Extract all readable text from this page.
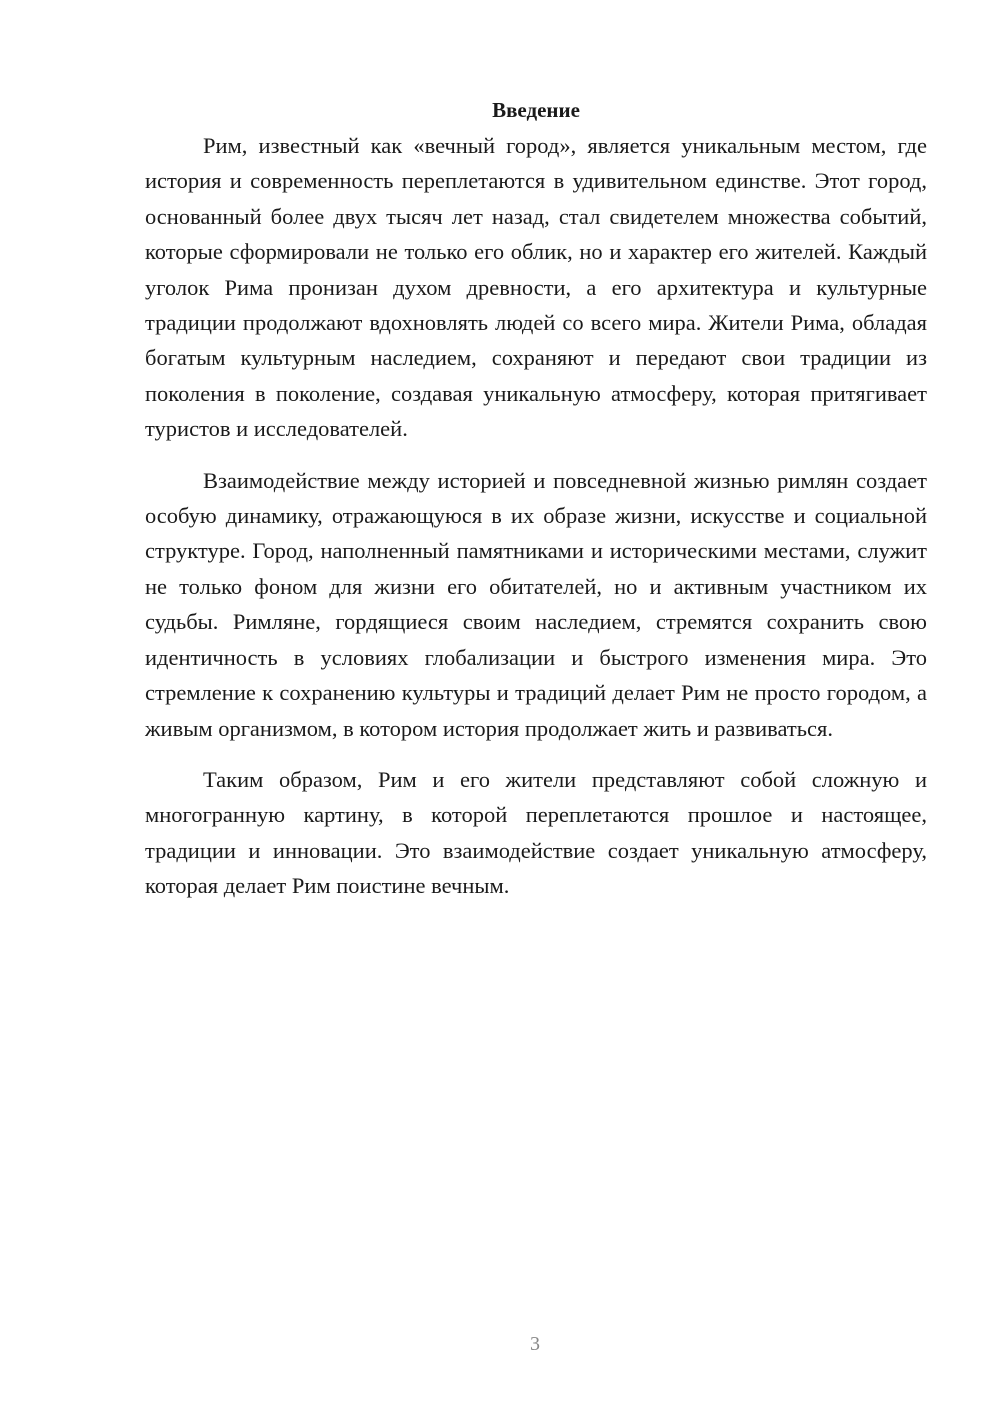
Введение

Рим, известный как «вечный город», является уникальным местом, где история и современность переплетаются в удивительном единстве. Этот город, основанный более двух тысяч лет назад, стал свидетелем множества событий, которые сформировали не только его облик, но и характер его жителей. Каждый уголок Рима пронизан духом древности, а его архитектура и культурные традиции продолжают вдохновлять людей со всего мира. Жители Рима, обладая богатым культурным наследием, сохраняют и передают свои традиции из поколения в поколение, создавая уникальную атмосферу, которая притягивает туристов и исследователей.

Взаимодействие между историей и повседневной жизнью римлян создает особую динамику, отражающуюся в их образе жизни, искусстве и социальной структуре. Город, наполненный памятниками и историческими местами, служит не только фоном для жизни его обитателей, но и активным участником их судьбы. Римляне, гордящиеся своим наследием, стремятся сохранить свою идентичность в условиях глобализации и быстрого изменения мира. Это стремление к сохранению культуры и традиций делает Рим не просто городом, а живым организмом, в котором история продолжает жить и развиваться.

Таким образом, Рим и его жители представляют собой сложную и многогранную картину, в которой переплетаются прошлое и настоящее, традиции и инновации. Это взаимодействие создает уникальную атмосферу, которая делает Рим поистине вечным.

3
